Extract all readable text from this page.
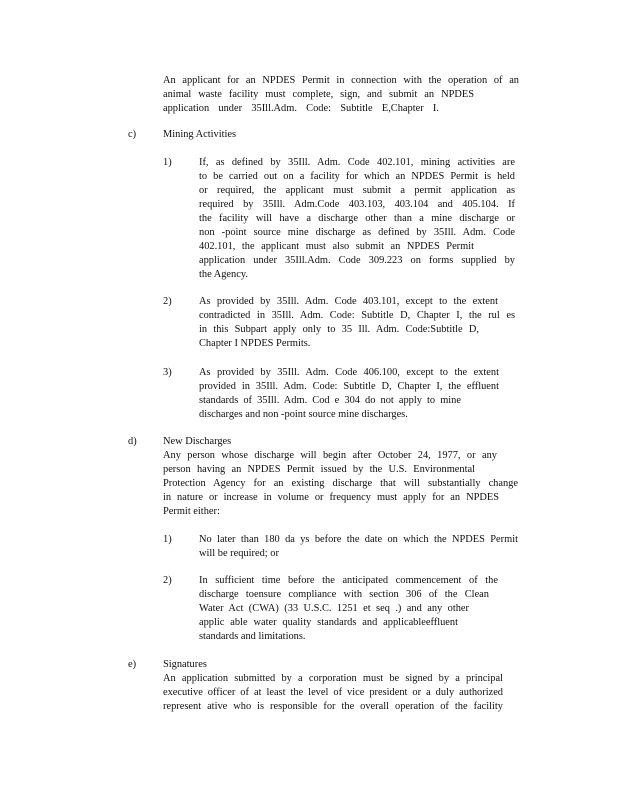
An applicant for an NPDES Permit in connection with the operation of an
animal waste facility must complete, sign, and submit an NPDES
application under 35Ill.Adm. Code: Subtitle E,Chapter I.
c)	Mining Activities
1)	If, as defined by 35Ill. Adm. Code 402.101, mining activities are
to be carried out on a facility for which an NPDES Permit is held
or required, the applicant must submit a permit application as
required by 35Ill. Adm.Code 403.103, 403.104 and 405.104. If
the facility will have a discharge other than a mine discharge or
non -point source mine discharge as defined by 35Ill. Adm. Code
402.101, the applicant must also submit an NPDES Permit
application under 35Ill.Adm. Code 309.223 on forms supplied by
the Agency.
2)	As provided by 35Ill. Adm. Code 403.101, except to the extent
contradicted in 35Ill. Adm. Code: Subtitle D, Chapter I, the rul es
in this Subpart apply only to 35 Ill. Adm. Code:Subtitle D,
Chapter I NPDES Permits.
3)	As provided by 35Ill. Adm. Code 406.100, except to the extent
provided in 35Ill. Adm. Code: Subtitle D, Chapter I, the effluent
standards of 35Ill. Adm. Cod e 304 do not apply to mine
discharges and non -point source mine discharges.
d)	New Discharges
Any person whose discharge will begin after October 24, 1977, or any
person having an NPDES Permit issued by the U.S. Environmental
Protection Agency for an existing discharge that will substantially change
in nature or increase in volume or frequency must apply for an NPDES
Permit either:
1)	No later than 180 da ys before the date on which the NPDES Permit
will be required; or
2)	In sufficient time before the anticipated commencement of the
discharge toensure compliance with section 306 of the Clean
Water Act (CWA) (33 U.S.C. 1251 et seq .) and any other
applic able water quality standards and applicableeffluent
standards and limitations.
e)	Signatures
An application submitted by a corporation must be signed by a principal
executive officer of at least the level of vice president or a duly authorized
represent ative who is responsible for the overall operation of the facility
